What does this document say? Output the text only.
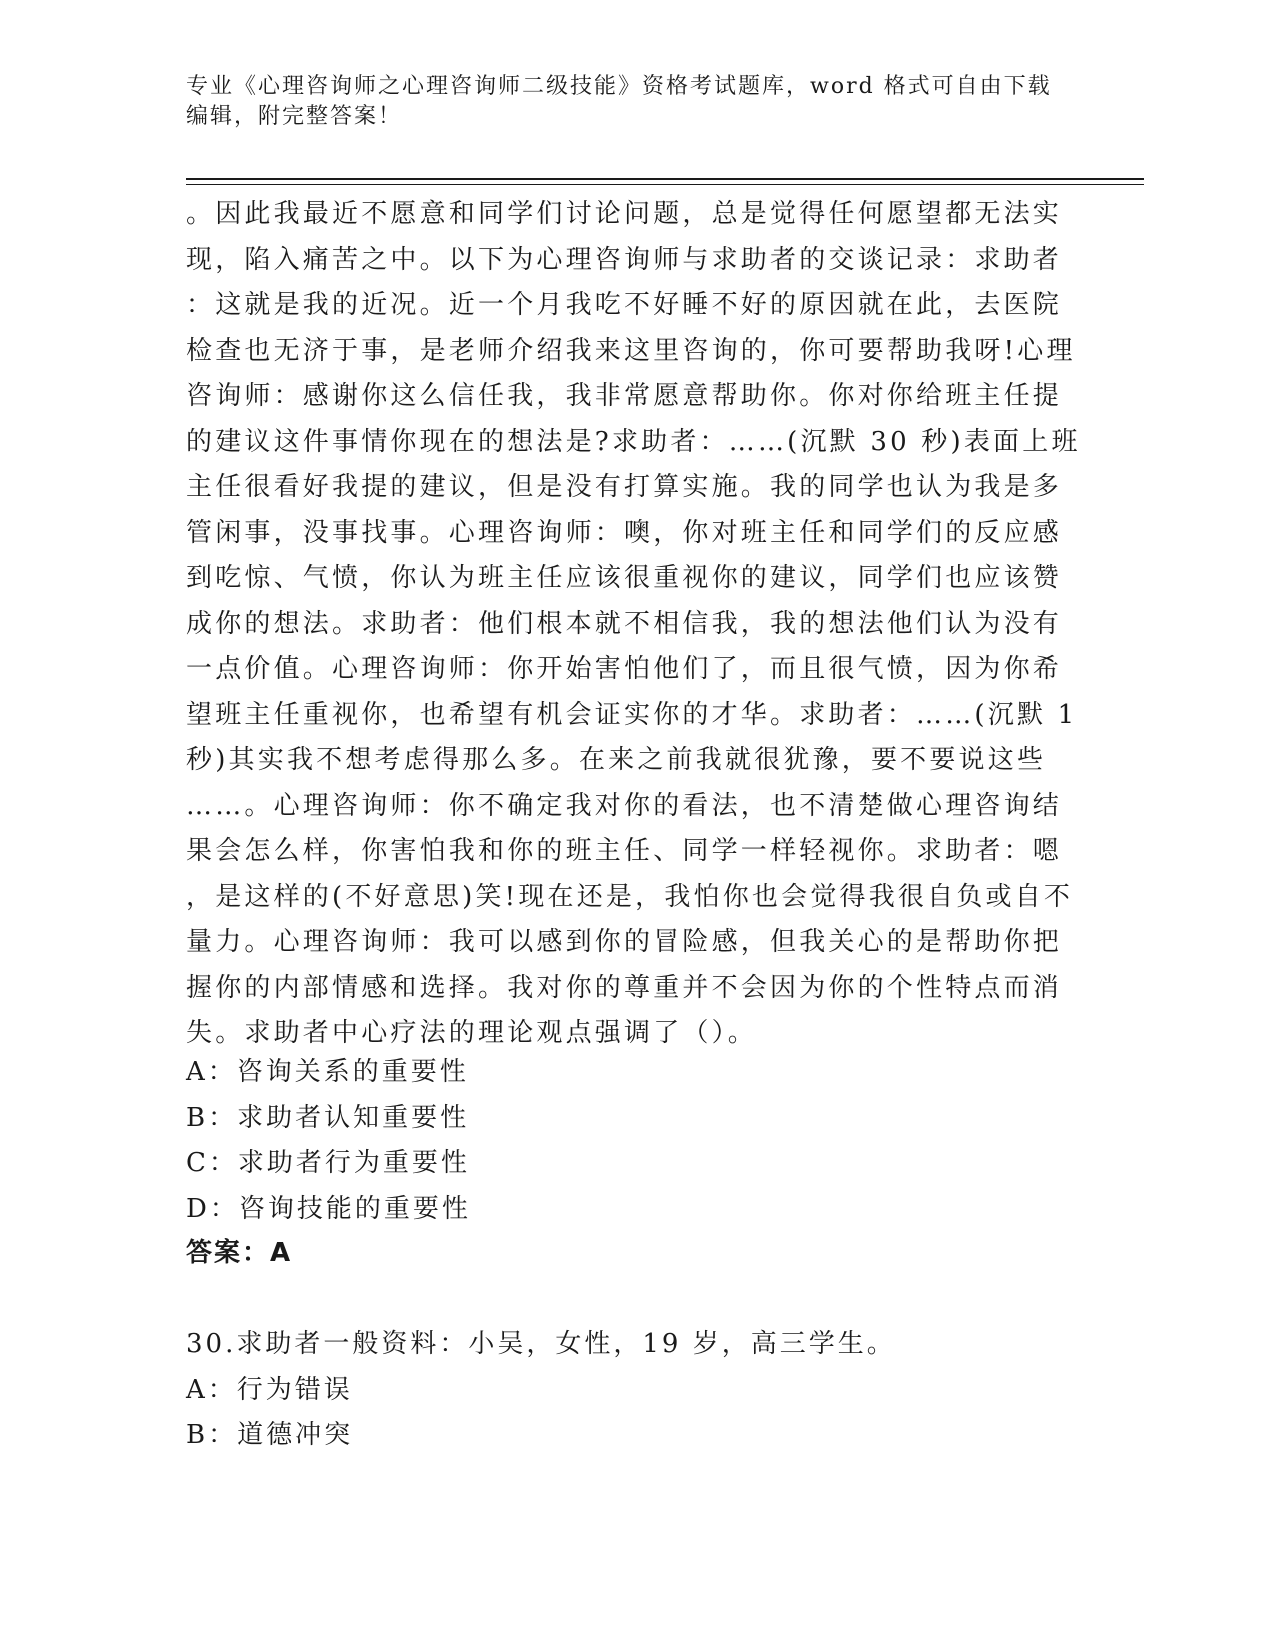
专业《心理咨询师之心理咨询师二级技能》资格考试题库，word 格式可自由下载
编辑，附完整答案！
。因此我最近不愿意和同学们讨论问题，总是觉得任何愿望都无法实
现，陷入痛苦之中。以下为心理咨询师与求助者的交谈记录：求助者
：这就是我的近况。近一个月我吃不好睡不好的原因就在此，去医院
检查也无济于事，是老师介绍我来这里咨询的，你可要帮助我呀!心理
咨询师：感谢你这么信任我，我非常愿意帮助你。你对你给班主任提
的建议这件事情你现在的想法是?求助者：……(沉默 30 秒)表面上班
主任很看好我提的建议，但是没有打算实施。我的同学也认为我是多
管闲事，没事找事。心理咨询师：噢，你对班主任和同学们的反应感
到吃惊、气愤，你认为班主任应该很重视你的建议，同学们也应该赞
成你的想法。求助者：他们根本就不相信我，我的想法他们认为没有
一点价值。心理咨询师：你开始害怕他们了，而且很气愤，因为你希
望班主任重视你，也希望有机会证实你的才华。求助者：……(沉默 1
秒)其实我不想考虑得那么多。在来之前我就很犹豫，要不要说这些
……。心理咨询师：你不确定我对你的看法，也不清楚做心理咨询结
果会怎么样，你害怕我和你的班主任、同学一样轻视你。求助者：嗯
，是这样的(不好意思)笑!现在还是，我怕你也会觉得我很自负或自不
量力。心理咨询师：我可以感到你的冒险感，但我关心的是帮助你把
握你的内部情感和选择。我对你的尊重并不会因为你的个性特点而消
失。求助者中心疗法的理论观点强调了（）。
A：咨询关系的重要性
B：求助者认知重要性
C：求助者行为重要性
D：咨询技能的重要性
答案：A
30.求助者一般资料：小吴，女性，19 岁，高三学生。
A：行为错误
B：道德冲突
